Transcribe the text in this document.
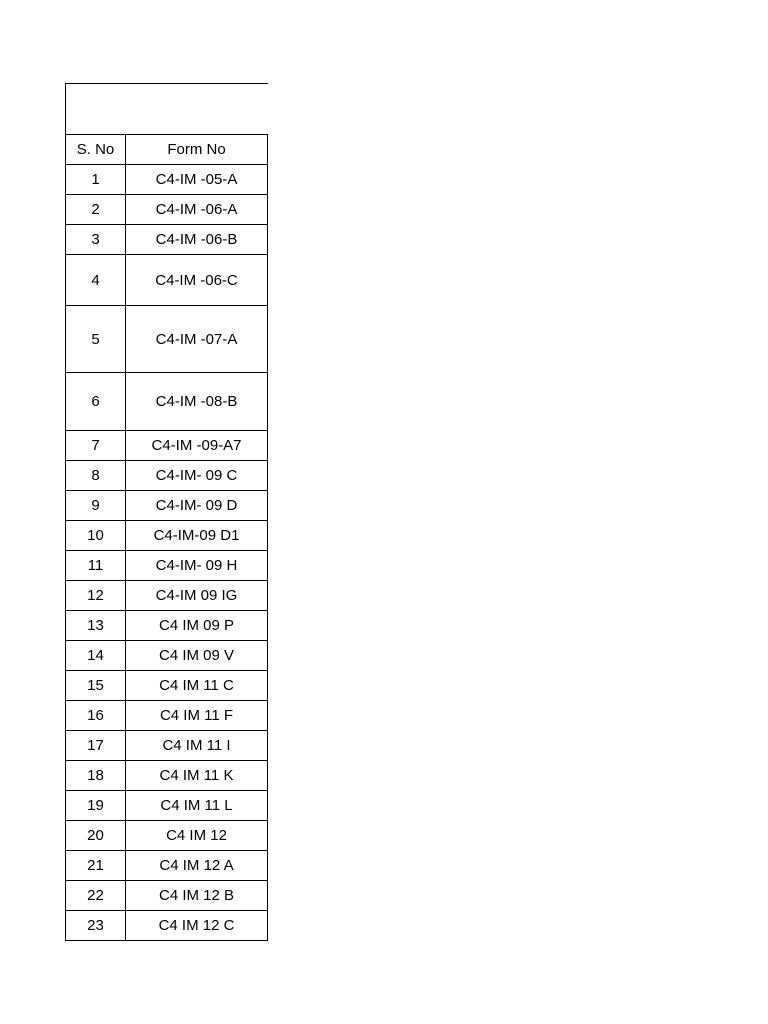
S. No	Form No
1	C4-IM -05-A
2	C4-IM -06-A
3	C4-IM -06-B
4	C4-IM -06-C
5	C4-IM -07-A
6	C4-IM -08-B
7	C4-IM -09-A7
8	C4-IM- 09 C
9	C4-IM- 09 D
10	C4-IM-09 D1
11	C4-IM- 09 H
12	C4-IM 09 IG
13	C4 IM 09 P
14	C4 IM 09 V
15	C4 IM 11 C
16	C4 IM 11 F
17	C4 IM 11 I
18	C4 IM 11 K
19	C4 IM 11 L
20	C4 IM 12
21	C4 IM 12 A
22	C4 IM 12 B
23	C4 IM 12 C
